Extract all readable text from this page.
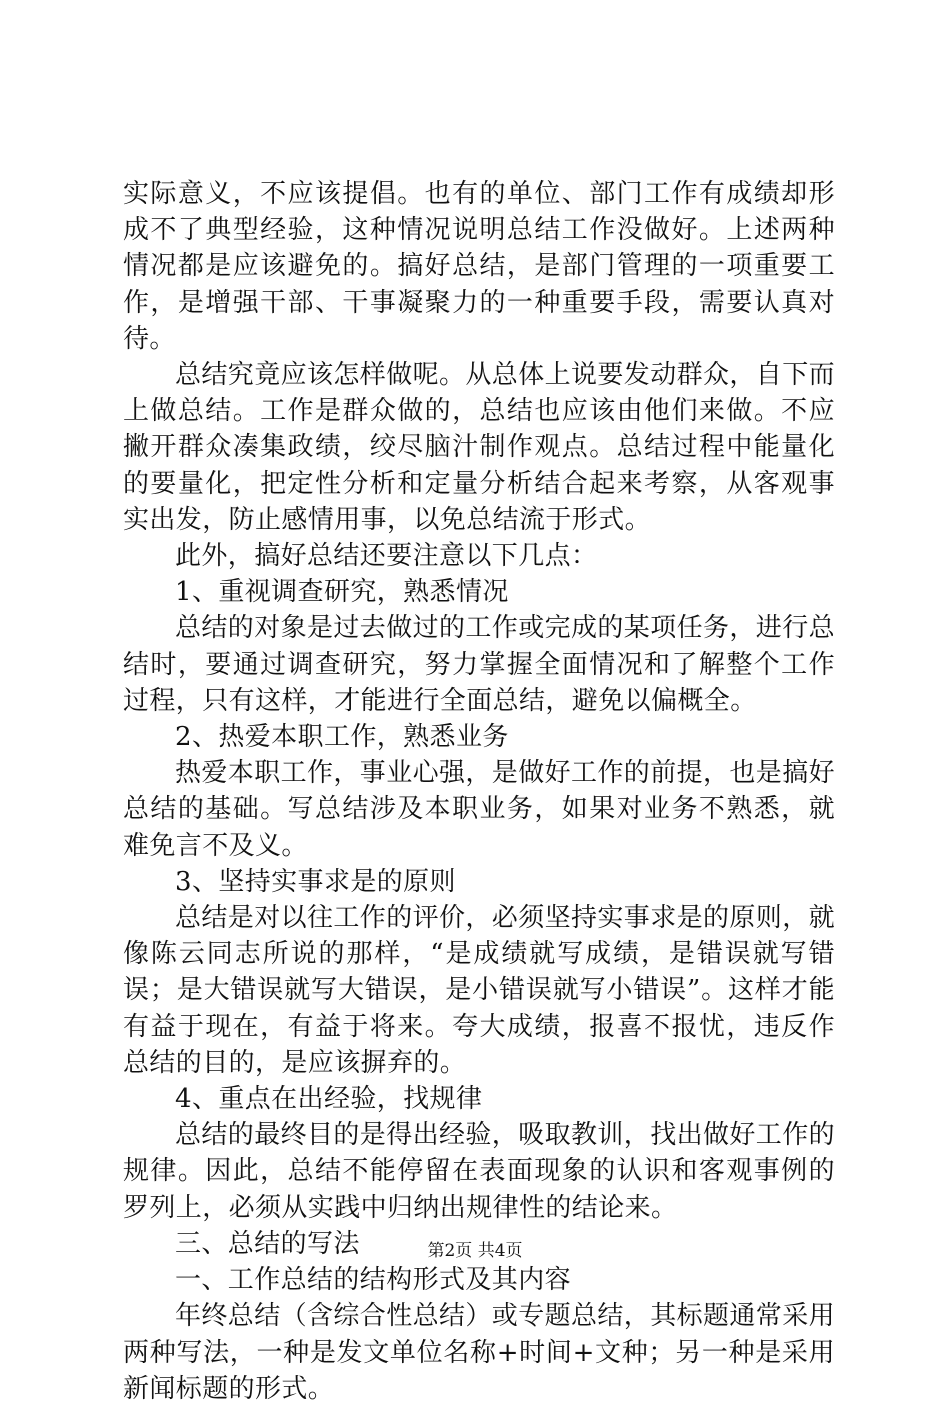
实际意义，不应该提倡。也有的单位、部门工作有成绩却形成不了典型经验，这种情况说明总结工作没做好。上述两种情况都是应该避免的。搞好总结，是部门管理的一项重要工作，是增强干部、干事凝聚力的一种重要手段，需要认真对待。

总结究竟应该怎样做呢。从总体上说要发动群众，自下而上做总结。工作是群众做的，总结也应该由他们来做。不应撇开群众凑集政绩，绞尽脑汁制作观点。总结过程中能量化的要量化，把定性分析和定量分析结合起来考察，从客观事实出发，防止感情用事，以免总结流于形式。

此外，搞好总结还要注意以下几点：

1、重视调查研究，熟悉情况

总结的对象是过去做过的工作或完成的某项任务，进行总结时，要通过调查研究，努力掌握全面情况和了解整个工作过程，只有这样，才能进行全面总结，避免以偏概全。

2、热爱本职工作，熟悉业务

热爱本职工作，事业心强，是做好工作的前提，也是搞好总结的基础。写总结涉及本职业务，如果对业务不熟悉，就难免言不及义。

3、坚持实事求是的原则

总结是对以往工作的评价，必须坚持实事求是的原则，就像陈云同志所说的那样，“是成绩就写成绩，是错误就写错误；是大错误就写大错误，是小错误就写小错误”。这样才能有益于现在，有益于将来。夸大成绩，报喜不报忧，违反作总结的目的，是应该摒弃的。

4、重点在出经验，找规律

总结的最终目的是得出经验，吸取教训，找出做好工作的规律。因此，总结不能停留在表面现象的认识和客观事例的罗列上，必须从实践中归纳出规律性的结论来。

三、总结的写法

一、工作总结的结构形式及其内容

年终总结（含综合性总结）或专题总结，其标题通常采用两种写法，一种是发文单位名称+时间+文种；另一种是采用新闻标题的形式。

第2页 共4页
